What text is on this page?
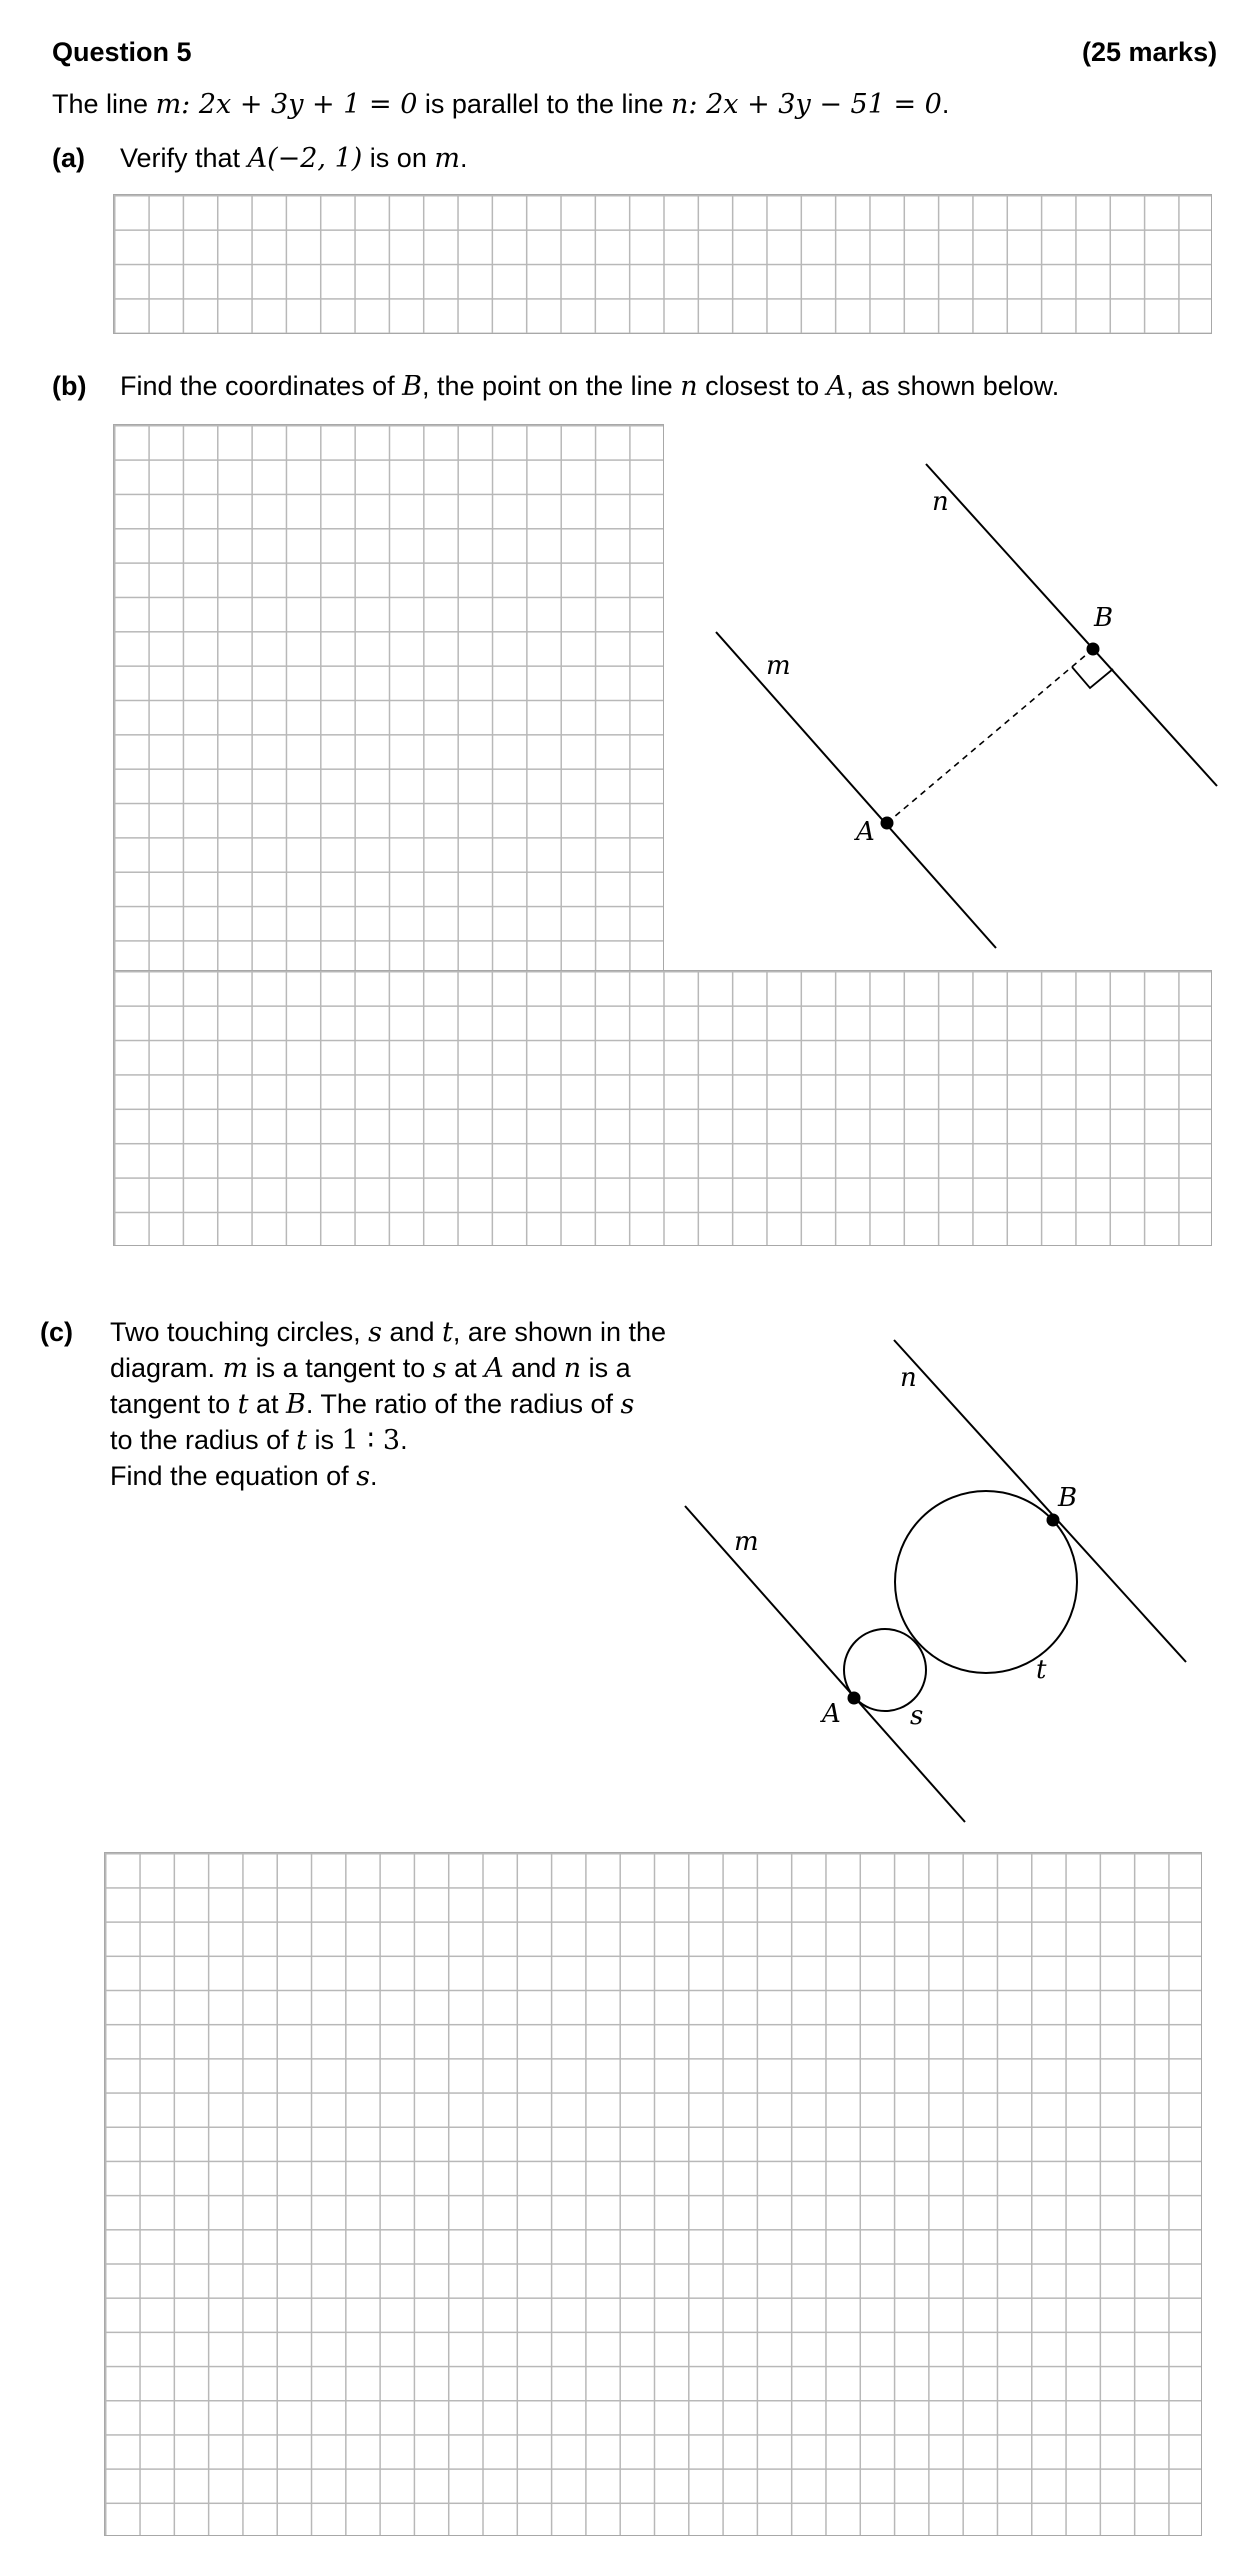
Question 5	(25 marks)
The line m: 2x + 3y + 1 = 0 is parallel to the line n: 2x + 3y − 51 = 0.
(a) Verify that A(−2, 1) is on m.
(b) Find the coordinates of B, the point on the line n closest to A, as shown below.
m
n
A
B
(c) Two touching circles, s and t, are shown in the
diagram. m is a tangent to s at A and n is a
tangent to t at B. The ratio of the radius of s
to the radius of t is 1 ∶ 3.
Find the equation of s.
m
n
A
B
s
t
